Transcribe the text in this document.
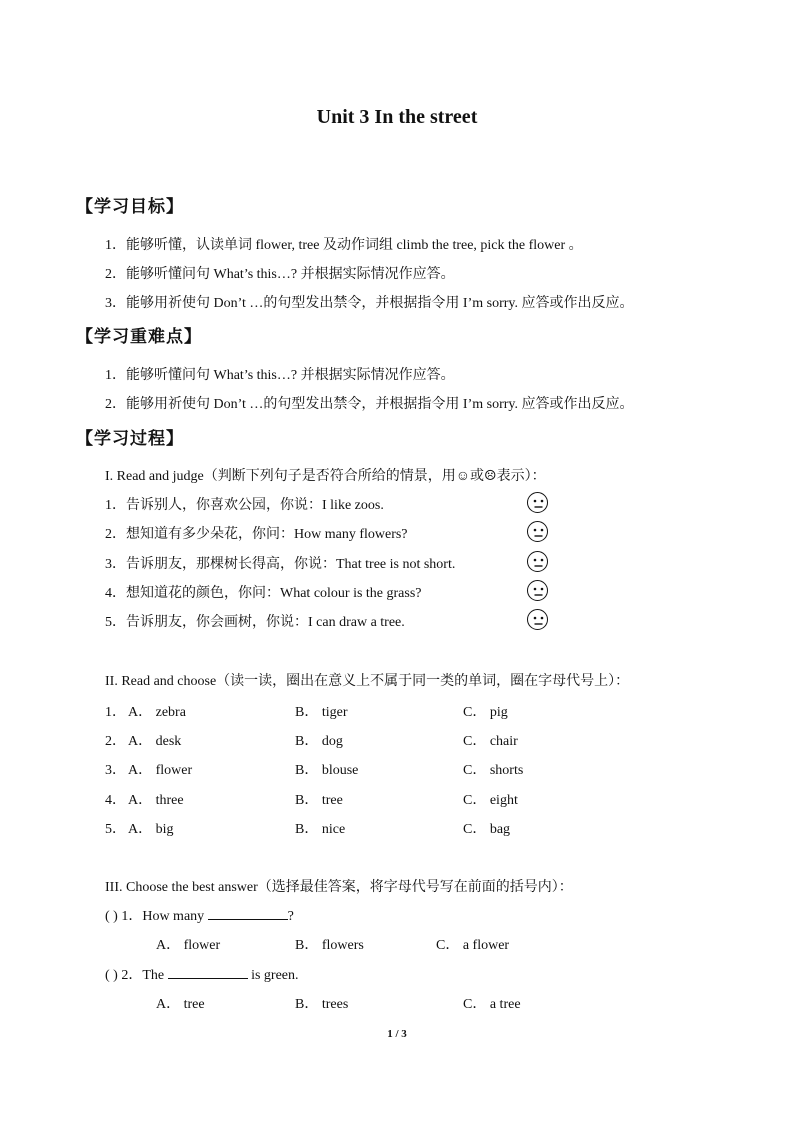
Unit 3 In the street
【学习目标】
1．能够听懂，认读单词 flower, tree 及动作词组 climb the tree, pick the flower 。
2．能够听懂问句 What’s this…? 并根据实际情况作应答。
3．能够用祈使句 Don’t …的句型发出禁令，并根据指令用 I’m sorry. 应答或作出反应。
【学习重难点】
1．能够听懂问句 What’s this…? 并根据实际情况作应答。
2．能够用祈使句 Don’t …的句型发出禁令，并根据指令用 I’m sorry. 应答或作出反应。
【学习过程】
I. Read and judge（判断下列句子是否符合所给的情景，用☺或☹表示）：
1．告诉别人，你喜欢公园，你说：I like zoos.
2．想知道有多少朵花，你问：How many flowers?
3．告诉朋友，那棵树长得高，你说：That tree is not short.
4．想知道花的颜色，你问：What colour is the grass?
5．告诉朋友，你会画树，你说：I can draw a tree.
II. Read and choose（读一读，圈出在意义上不属于同一类的单词，圈在字母代号上）：
1． A． zebra	B． tiger	C． pig
2． A． desk	B． dog	C． chair
3． A． flower	B． blouse	C． shorts
4． A． three	B． tree	C． eight
5． A． big	B． nice	C． bag
III. Choose the best answer（选择最佳答案，将字母代号写在前面的括号内）：
( ) 1．How many	?
A． flower	B． flowers	C． a flower
( ) 2．The	is green.
A． tree	B． trees	C． a tree
1 / 3
